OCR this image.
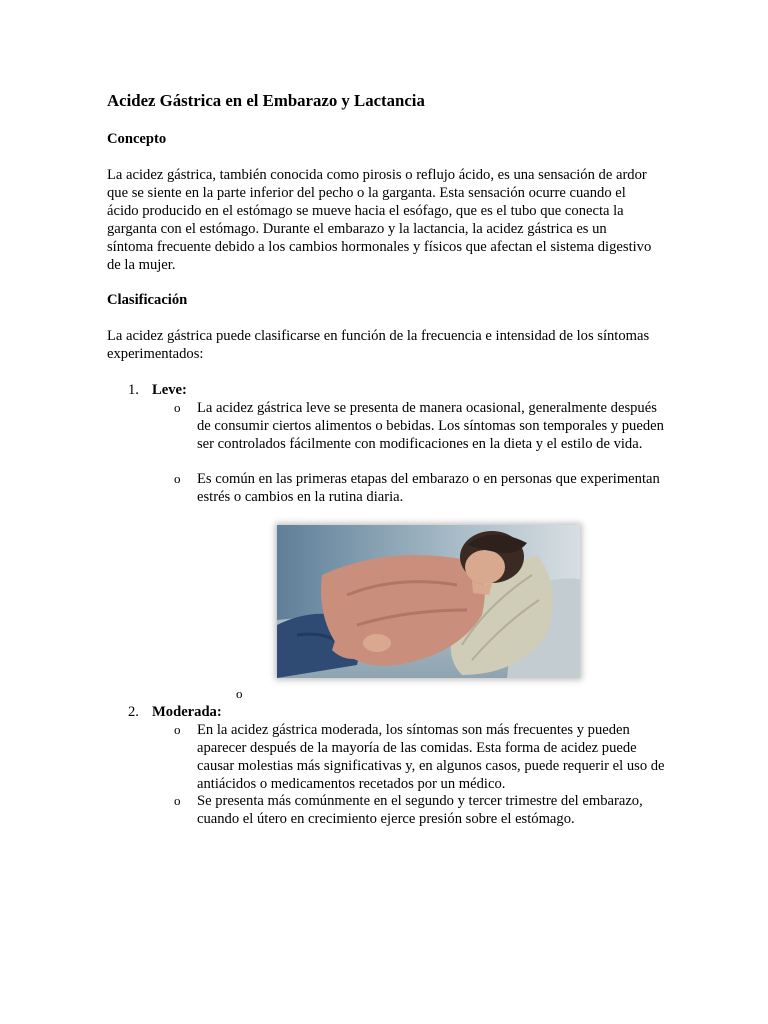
Acidez Gástrica en el Embarazo y Lactancia
Concepto

La acidez gástrica, también conocida como pirosis o reflujo ácido, es una sensación de ardor que se siente en la parte inferior del pecho o la garganta. Esta sensación ocurre cuando el ácido producido en el estómago se mueve hacia el esófago, que es el tubo que conecta la garganta con el estómago. Durante el embarazo y la lactancia, la acidez gástrica es un síntoma frecuente debido a los cambios hormonales y físicos que afectan el sistema digestivo de la mujer.

Clasificación

La acidez gástrica puede clasificarse en función de la frecuencia e intensidad de los síntomas experimentados:

1. Leve:
o La acidez gástrica leve se presenta de manera ocasional, generalmente después de consumir ciertos alimentos o bebidas. Los síntomas son temporales y pueden ser controlados fácilmente con modificaciones en la dieta y el estilo de vida.

o Es común en las primeras etapas del embarazo o en personas que experimentan estrés o cambios en la rutina diaria.

o
2. Moderada:
o En la acidez gástrica moderada, los síntomas son más frecuentes y pueden aparecer después de la mayoría de las comidas. Esta forma de acidez puede causar molestias más significativas y, en algunos casos, puede requerir el uso de antiácidos o medicamentos recetados por un médico.

o Se presenta más comúnmente en el segundo y tercer trimestre del embarazo, cuando el útero en crecimiento ejerce presión sobre el estómago.
